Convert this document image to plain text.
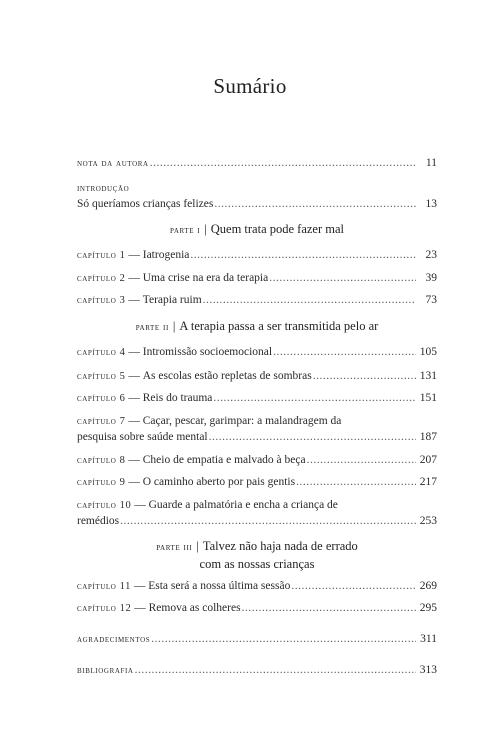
Sumário
nota da autora .....	11
introdução
Só queríamos crianças felizes .....	13
parte i | Quem trata pode fazer mal
capítulo 1 — Iatrogenia .....	23
capítulo 2 — Uma crise na era da terapia .....	39
capítulo 3 — Terapia ruim .....	73
parte ii | A terapia passa a ser transmitida pelo ar
capítulo 4 — Intromissão socioemocional .....	105
capítulo 5 — As escolas estão repletas de sombras .....	131
capítulo 6 — Reis do trauma .....	151
capítulo 7 — Caçar, pescar, garimpar: a malandragem da
pesquisa sobre saúde mental .....	187
capítulo 8 — Cheio de empatia e malvado à beça .....	207
capítulo 9 — O caminho aberto por pais gentis .....	217
capítulo 10 — Guarde a palmatória e encha a criança de
remédios .....	253
parte iii | Talvez não haja nada de errado
com as nossas crianças
capítulo 11 — Esta será a nossa última sessão .....	269
capítulo 12 — Remova as colheres .....	295
agradecimentos .....	311
bibliografia .....	313
